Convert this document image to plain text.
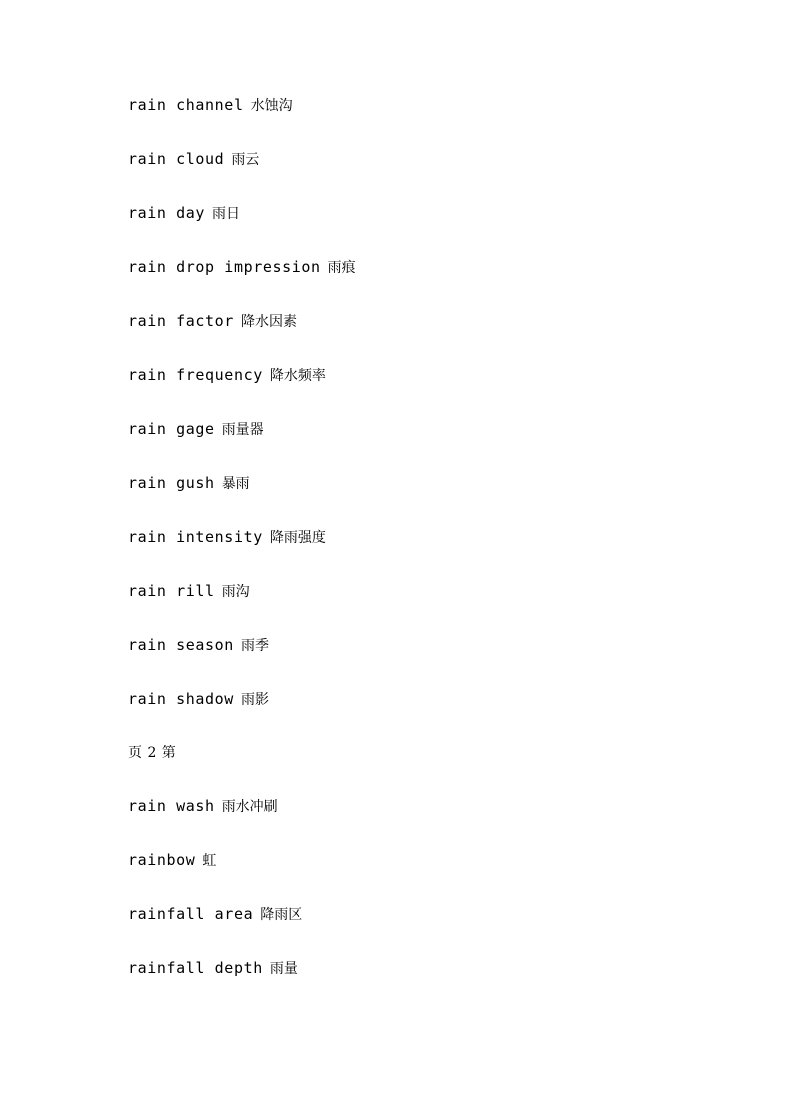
rain channel 水蚀沟
rain cloud 雨云
rain day 雨日
rain drop impression 雨痕
rain factor 降水因素
rain frequency 降水频率
rain gage 雨量器
rain gush 暴雨
rain intensity 降雨强度
rain rill 雨沟
rain season 雨季
rain shadow 雨影
页 2 第
rain wash 雨水冲刷
rainbow 虹
rainfall area 降雨区
rainfall depth 雨量
